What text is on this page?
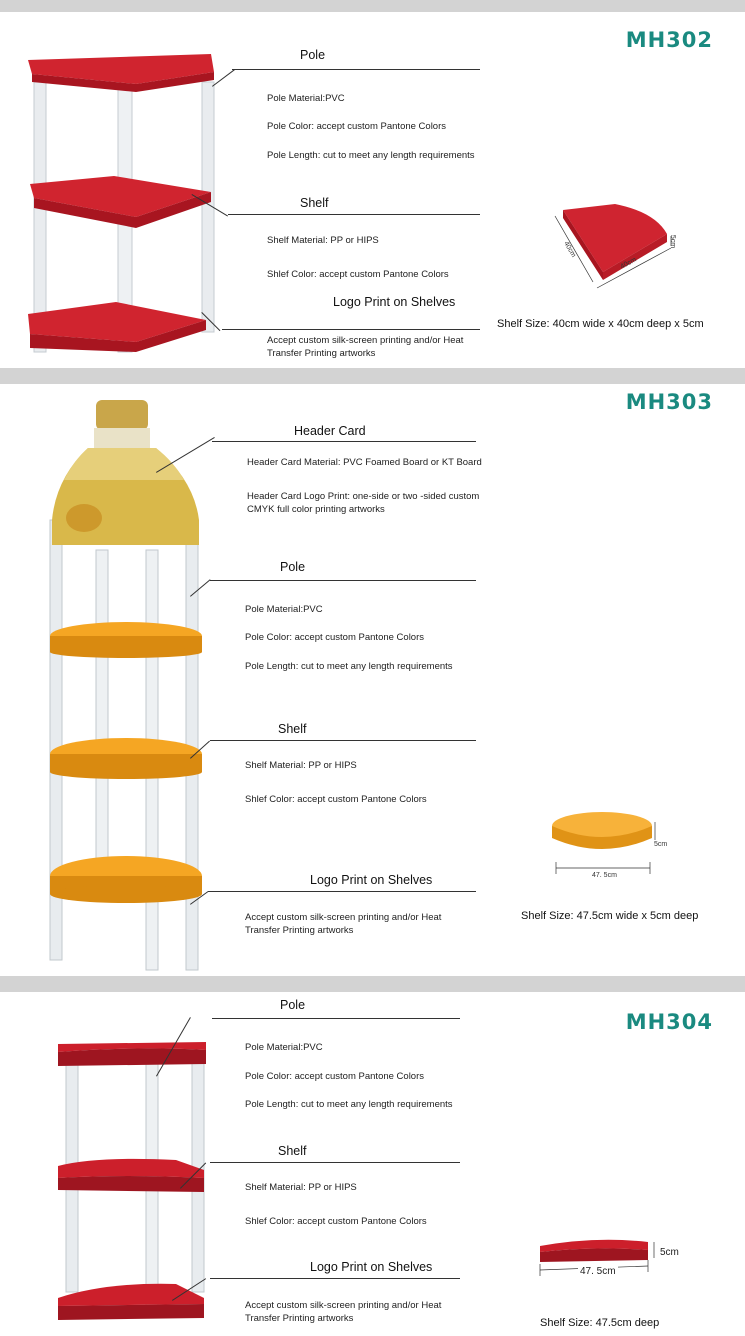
MH302
Pole
Pole Material:PVC
Pole Color: accept custom Pantone Colors
Pole Length: cut to meet any length requirements
Shelf
Shelf Material: PP or HIPS
Shlef Color: accept custom Pantone Colors
Logo Print on Shelves
Accept custom silk-screen printing and/or Heat Transfer Printing artworks
40cm
40cm
5cm
Shelf Size: 40cm wide x 40cm deep x 5cm
MH303
Header Card
Header Card Material: PVC Foamed Board or KT Board
Header Card Logo Print: one-side or two -sided custom CMYK full color printing artworks
Pole
Pole Material:PVC
Pole Color: accept custom Pantone Colors
Pole Length: cut to meet any length requirements
Shelf
Shelf Material: PP or HIPS
Shlef Color: accept custom Pantone Colors
Logo Print on Shelves
Accept custom silk-screen printing and/or Heat Transfer Printing artworks
47. 5cm
5cm
Shelf Size: 47.5cm wide x 5cm deep
MH304
Pole
Pole Material:PVC
Pole Color: accept custom Pantone Colors
Pole Length: cut to meet any length requirements
Shelf
Shelf Material: PP or HIPS
Shlef Color: accept custom Pantone Colors
Logo Print on Shelves
Accept custom silk-screen printing and/or Heat Transfer Printing artworks
47. 5cm
5cm
Shelf Size: 47.5cm deep
